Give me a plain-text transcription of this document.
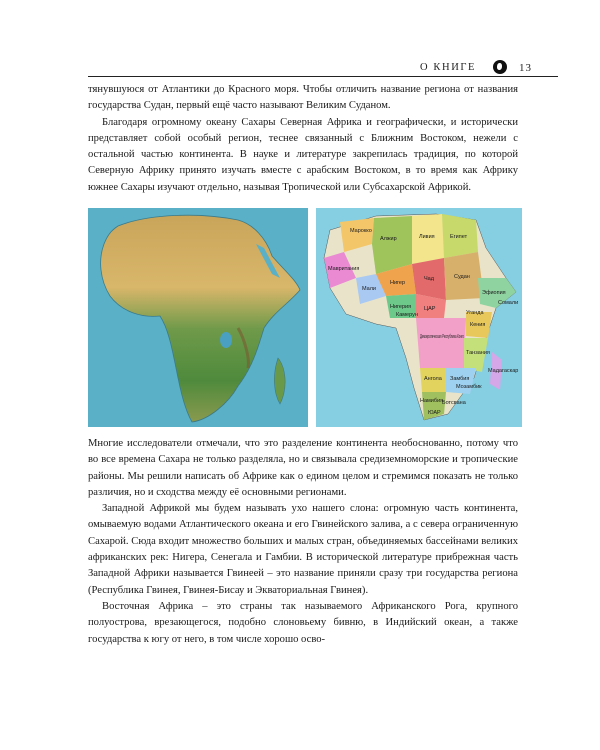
О КНИГЕ	13

тянувшуюся от Атлантики до Красного моря. Чтобы отличить название региона от названия государства Судан, первый ещё часто называют Великим Суданом.

Благодаря огромному океану Сахары Северная Африка и географически, и исторически представляет собой особый регион, теснее связанный с Ближним Востоком, нежели с остальной частью континента. В науке и литературе закрепилась традиция, по которой Северную Африку принято изучать вместе с арабским Востоком, в то время как Африку южнее Сахары изучают отдельно, называя Тропической или Субсахарской Африкой.

Марокко
Алжир	Ливия	Египет
Мавритания
Мали
Нигер
Чад	Судан
Нигерия ЦАР
Эфиопия
Кения
Демократическая Республика Конго
Танзания
Ангола Замбия
Мозамбик
Намибия
Ботсвана
ЮАР
Мадагаскар
Уганда
Камерун
Сомали

Многие исследователи отмечали, что это разделение континента необоснованно, потому что во все времена Сахара не только разделяла, но и связывала средиземноморские и тропические районы. Мы решили написать об Африке как о едином целом и стремимся показать не только различия, но и сходства между её основными регионами.

Западной Африкой мы будем называть ухо нашего слона: огромную часть континента, омываемую водами Атлантического океана и его Гвинейского залива, а с севера ограниченную Сахарой. Сюда входит множество больших и малых стран, объединяемых бассейнами великих африканских рек: Нигера, Сенегала и Гамбии. В исторической литературе прибрежная часть Западной Африки называется Гвинеей – это название приняли сразу три государства региона (Республика Гвинея, Гвинея-Бисау и Экваториальная Гвинея).

Восточная Африка – это страны так называемого Африканского Рога, крупного полуострова, врезающегося, подобно слоновьему бивню, в Индийский океан, а также государства к югу от него, в том числе хорошо осво-
